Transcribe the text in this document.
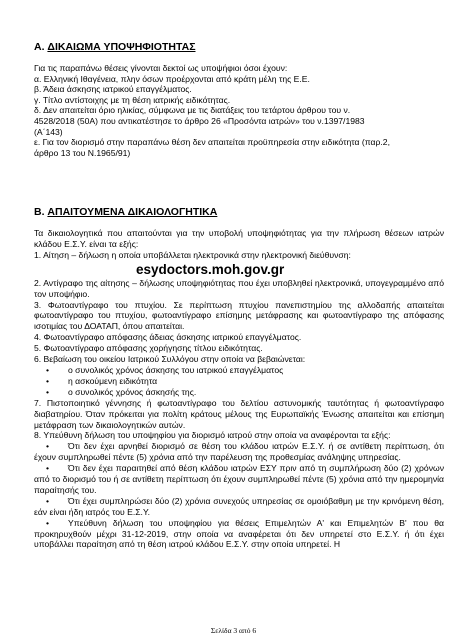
A. ΔΙΚΑΙΩΜΑ ΥΠΟΨΗΦΙΟΤΗΤΑΣ
Για τις παραπάνω θέσεις γίνονται δεκτοί ως υποψήφιοι όσοι έχουν:
α. Ελληνική Ιθαγένεια, πλην όσων προέρχονται από κράτη μέλη της Ε.Ε.
β. Άδεια άσκησης ιατρικού επαγγέλματος.
γ. Τίτλο αντίστοιχης με τη θέση ιατρικής ειδικότητας.
δ. Δεν απαιτείται όριο ηλικίας, σύμφωνα με τις διατάξεις του τετάρτου άρθρου του ν.
4528/2018 (50Α) που αντικατέστησε το άρθρο 26 «Προσόντα ιατρών» του ν.1397/1983
(Α΄143)
ε. Για τον διορισμό στην παραπάνω θέση δεν απαιτείται προϋπηρεσία στην ειδικότητα (παρ.2,
άρθρο 13 του Ν.1965/91)
B. ΑΠΑΙΤΟΥΜΕΝΑ ΔΙΚΑΙΟΛΟΓΗΤΙΚΑ
Τα δικαιολογητικά που απαιτούνται για την υποβολή υποψηφιότητας για την πλήρωση θέσεων ιατρών κλάδου Ε.Σ.Υ. είναι τα εξής:
1. Αίτηση – δήλωση η οποία υποβάλλεται ηλεκτρονικά στην ηλεκτρονική διεύθυνση:
esydoctors.moh.gov.gr
2. Αντίγραφο της αίτησης – δήλωσης υποψηφιότητας που έχει υποβληθεί ηλεκτρονικά, υπογεγραμμένο από τον υποψήφιο.
3. Φωτοαντίγραφο του πτυχίου. Σε περίπτωση πτυχίου πανεπιστημίου της αλλοδαπής απαιτείται φωτοαντίγραφο του πτυχίου, φωτοαντίγραφο επίσημης μετάφρασης και φωτοαντίγραφο της απόφασης ισοτιμίας του ΔΟΑΤΑΠ, όπου απαιτείται.
4. Φωτοαντίγραφο απόφασης άδειας άσκησης ιατρικού επαγγέλματος.
5. Φωτοαντίγραφο απόφασης χορήγησης τίτλου ειδικότητας.
6. Βεβαίωση του οικείου Ιατρικού Συλλόγου στην οποία να βεβαιώνεται:
• ο συνολικός χρόνος άσκησης του ιατρικού επαγγέλματος
• η ασκούμενη ειδικότητα
• ο συνολικός χρόνος άσκησής της.
7. Πιστοποιητικό γέννησης ή φωτοαντίγραφο του δελτίου αστυνομικής ταυτότητας ή φωτοαντίγραφο διαβατηρίου. Όταν πρόκειται για πολίτη κράτους μέλους της Ευρωπαϊκής Ένωσης απαιτείται και επίσημη μετάφραση των δικαιολογητικών αυτών.
8. Υπεύθυνη δήλωση του υποψηφίου για διορισμό ιατρού στην οποία να αναφέρονται τα εξής:
• Ότι δεν έχει αρνηθεί διορισμό σε θέση του κλάδου ιατρών Ε.Σ.Υ. ή σε αντίθετη περίπτωση, ότι έχουν συμπληρωθεί πέντε (5) χρόνια από την παρέλευση της προθεσμίας ανάληψης υπηρεσίας.
• Ότι δεν έχει παραιτηθεί από θέση κλάδου ιατρών ΕΣΥ πριν από τη συμπλήρωση δύο (2) χρόνων από το διορισμό του ή σε αντίθετη περίπτωση ότι έχουν συμπληρωθεί πέντε (5) χρόνια από την ημερομηνία παραίτησής του.
• Ότι έχει συμπληρώσει δύο (2) χρόνια συνεχούς υπηρεσίας σε ομοιόβαθμη με την κρινόμενη θέση, εάν είναι ήδη ιατρός του Ε.Σ.Υ.
• Υπεύθυνη δήλωση του υποψηφίου για θέσεις Επιμελητών Α' και Επιμελητών Β' που θα προκηρυχθούν μέχρι 31-12-2019, στην οποία να αναφέρεται ότι δεν υπηρετεί στο Ε.Σ.Υ. ή ότι έχει υποβάλλει παραίτηση από τη θέση ιατρού κλάδου Ε.Σ.Υ. στην οποία υπηρετεί. Η
Σελίδα 3 από 6
